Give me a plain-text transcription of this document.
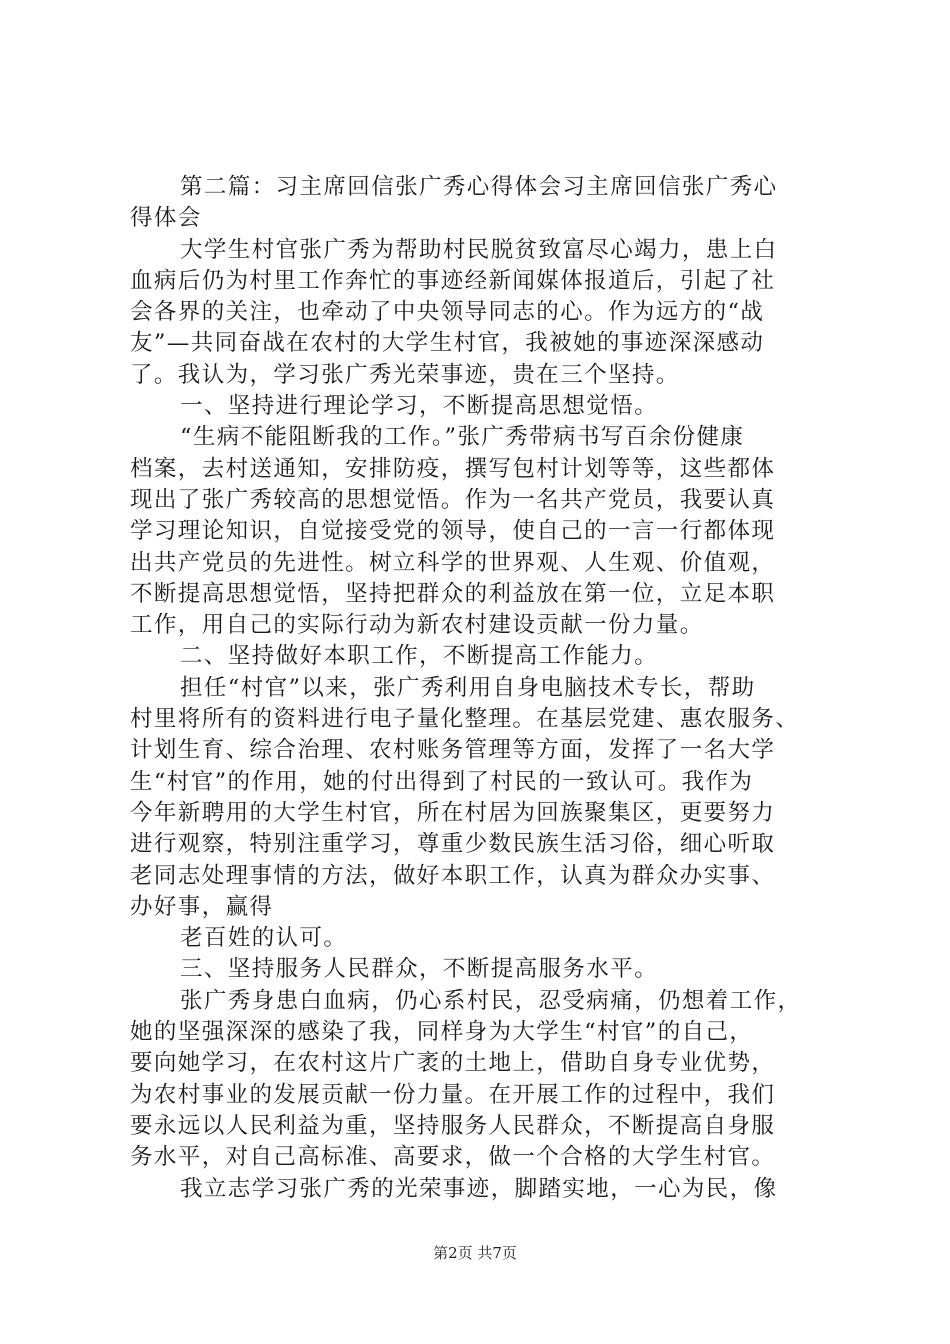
第二篇：习主席回信张广秀心得体会习主席回信张广秀心
得体会
大学生村官张广秀为帮助村民脱贫致富尽心竭力，患上白
血病后仍为村里工作奔忙的事迹经新闻媒体报道后，引起了社
会各界的关注，也牵动了中央领导同志的心。作为远方的“战
友”—共同奋战在农村的大学生村官，我被她的事迹深深感动
了。我认为，学习张广秀光荣事迹，贵在三个坚持。
一、坚持进行理论学习，不断提高思想觉悟。
“生病不能阻断我的工作。”张广秀带病书写百余份健康
档案，去村送通知，安排防疫，撰写包村计划等等，这些都体
现出了张广秀较高的思想觉悟。作为一名共产党员，我要认真
学习理论知识，自觉接受党的领导，使自己的一言一行都体现
出共产党员的先进性。树立科学的世界观、人生观、价值观，
不断提高思想觉悟，坚持把群众的利益放在第一位，立足本职
工作，用自己的实际行动为新农村建设贡献一份力量。
二、坚持做好本职工作，不断提高工作能力。
担任“村官”以来，张广秀利用自身电脑技术专长，帮助
村里将所有的资料进行电子量化整理。在基层党建、惠农服务、
计划生育、综合治理、农村账务管理等方面，发挥了一名大学
生“村官”的作用，她的付出得到了村民的一致认可。我作为
今年新聘用的大学生村官，所在村居为回族聚集区，更要努力
进行观察，特别注重学习，尊重少数民族生活习俗，细心听取
老同志处理事情的方法，做好本职工作，认真为群众办实事、
办好事，赢得
老百姓的认可。
三、坚持服务人民群众，不断提高服务水平。
张广秀身患白血病，仍心系村民，忍受病痛，仍想着工作，
她的坚强深深的感染了我，同样身为大学生“村官”的自己，
要向她学习，在农村这片广袤的土地上，借助自身专业优势，
为农村事业的发展贡献一份力量。在开展工作的过程中，我们
要永远以人民利益为重，坚持服务人民群众，不断提高自身服
务水平，对自己高标准、高要求，做一个合格的大学生村官。
我立志学习张广秀的光荣事迹，脚踏实地，一心为民，像
第2页 共7页
